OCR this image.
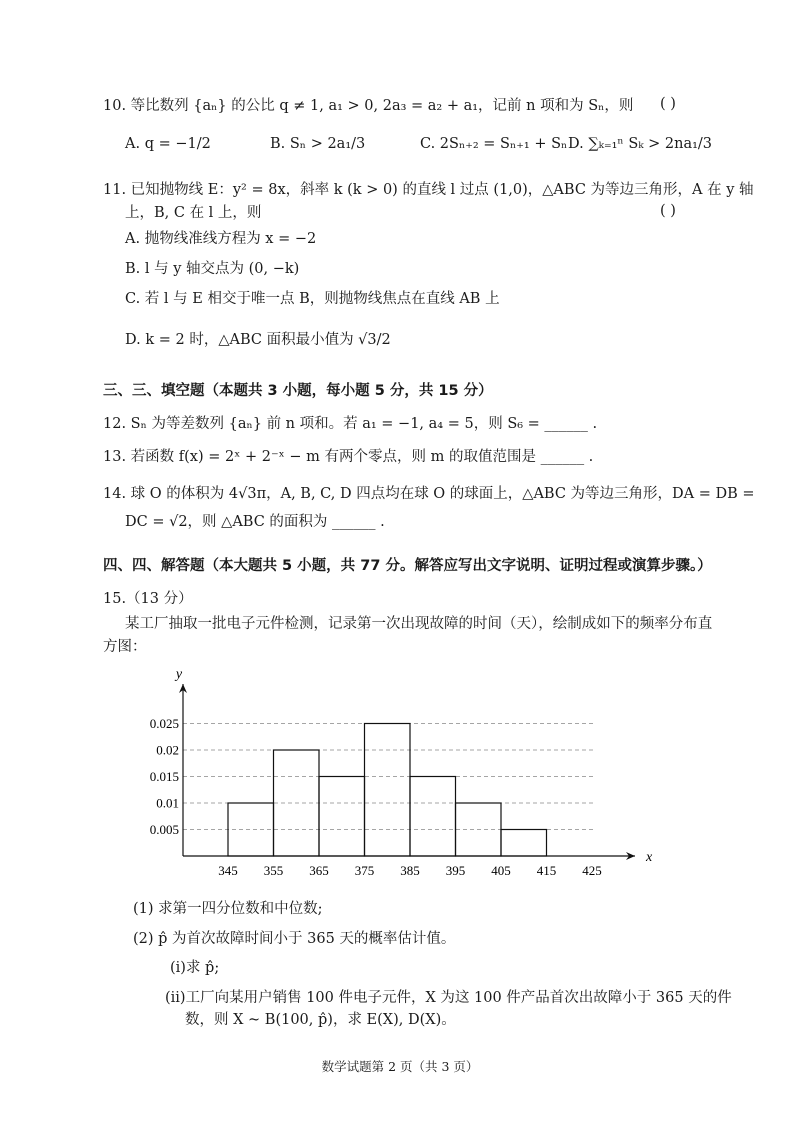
10. 等比数列 {aₙ} 的公比 q ≠ 1, a₁ > 0, 2a₃ = a₂ + a₁，记前 n 项和为 Sₙ，则 ( )
A. q = −1/2	B. Sₙ > 2a₁/3	C. 2Sₙ₊₂ = Sₙ₊₁ + Sₙ D. ∑ₖ₌₁ⁿ Sₖ > 2na₁/3
11. 已知抛物线 E：y² = 8x，斜率 k (k > 0) 的直线 l 过点 (1,0)，△ABC 为等边三角形，A 在 y 轴
上，B, C 在 l 上，则	( )
A. 抛物线准线方程为 x = −2
B. l 与 y 轴交点为 (0, −k)
C. 若 l 与 E 相交于唯一点 B，则抛物线焦点在直线 AB 上
D. k = 2 时，△ABC 面积最小值为 √3/2
三、三、填空题（本题共 3 小题，每小题 5 分，共 15 分）
12. Sₙ 为等差数列 {aₙ} 前 n 项和。若 a₁ = −1, a₄ = 5，则 S₆ = ______ .
13. 若函数 f(x) = 2ˣ + 2⁻ˣ − m 有两个零点，则 m 的取值范围是 ______ .
14. 球 O 的体积为 4√3π，A, B, C, D 四点均在球 O 的球面上，△ABC 为等边三角形，DA = DB =
DC = √2，则 △ABC 的面积为 ______ .
四、四、解答题（本大题共 5 小题，共 77 分。解答应写出文字说明、证明过程或演算步骤。）
15.（13 分）
某工厂抽取一批电子元件检测，记录第一次出现故障的时间（天），绘制成如下的频率分布直
方图：
x
y
0.005
0.01
0.015
0.02
0.025
345 355 365 375 385 395 405 415 425
(1) 求第一四分位数和中位数;
(2) p̂ 为首次故障时间小于 365 天的概率估计值。
(i)求 p̂;
(ii)工厂向某用户销售 100 件电子元件，X 为这 100 件产品首次出故障小于 365 天的件
数，则 X ~ B(100, p̂)，求 E(X), D(X)。
数学试题第 2 页（共 3 页）
